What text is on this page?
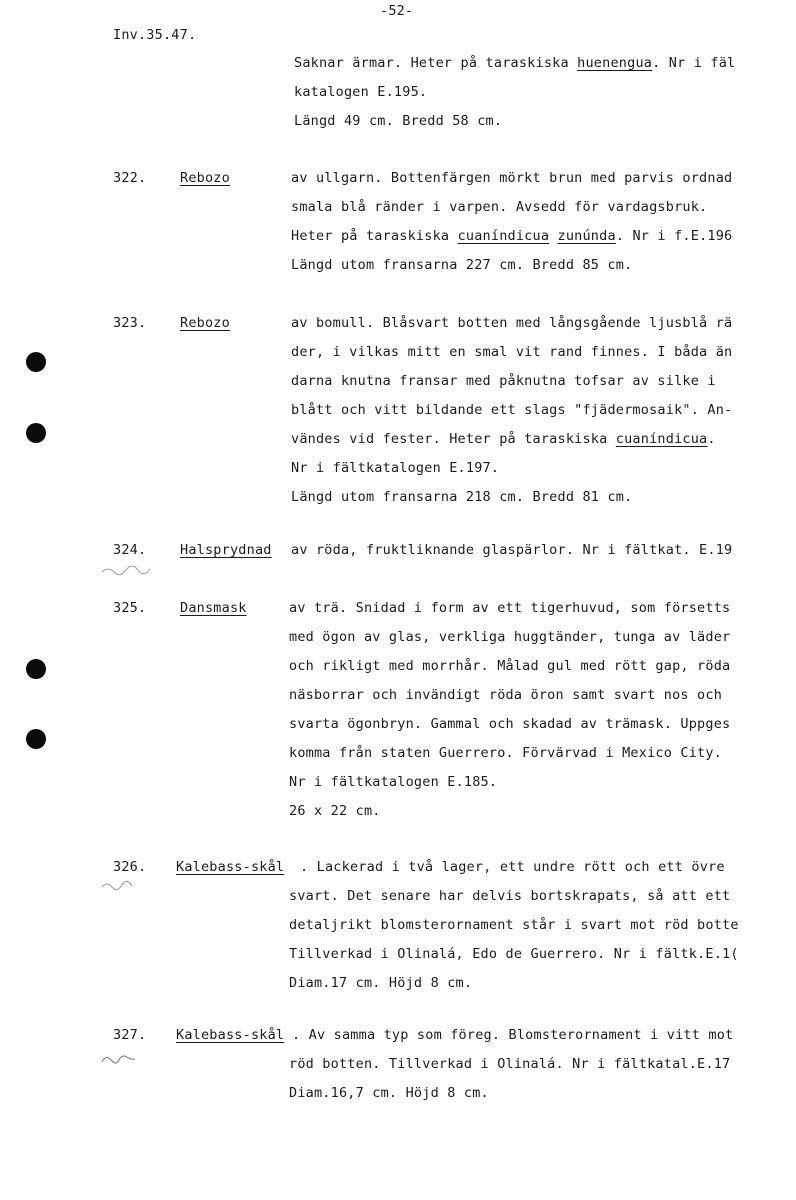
-52-
Inv.35.47.
Saknar ärmar. Heter på taraskiska huenengua. Nr i fäl
katalogen E.195.
Längd 49 cm. Bredd 58 cm.
322. Rebozo	av ullgarn. Bottenfärgen mörkt brun med parvis ordnad
smala blå ränder i varpen. Avsedd för vardagsbruk.
Heter på taraskiska cuaníndicua zunúnda. Nr i f.E.196
Längd utom fransarna 227 cm. Bredd 85 cm.
323. Rebozo	av bomull. Blåsvart botten med långsgående ljusblå rä
der, i vilkas mitt en smal vit rand finnes. I båda än
darna knutna fransar med påknutna tofsar av silke i
blått och vitt bildande ett slags "fjädermosaik". An-
vändes vid fester. Heter på taraskiska cuaníndicua.
Nr i fältkatalogen E.197.
Längd utom fransarna 218 cm. Bredd 81 cm.
324. Halsprydnad av röda, fruktliknande glaspärlor. Nr i fältkat. E.19
325. Dansmask	av trä. Snidad i form av ett tigerhuvud, som försetts
med ögon av glas, verkliga huggtänder, tunga av läder
och rikligt med morrhår. Målad gul med rött gap, röda
näsborrar och invändigt röda öron samt svart nos och
svarta ögonbryn. Gammal och skadad av trämask. Uppges
komma från staten Guerrero. Förvärvad i Mexico City.
Nr i fältkatalogen E.185.
26 x 22 cm.
326. Kalebass-skål . Lackerad i två lager, ett undre rött och ett övre
svart. Det senare har delvis bortskrapats, så att ett
detaljrikt blomsterornament står i svart mot röd botte
Tillverkad i Olinalá, Edo de Guerrero. Nr i fältk.E.1(
Diam.17 cm. Höjd 8 cm.
327. Kalebass-skål . Av samma typ som föreg. Blomsterornament i vitt mot
röd botten. Tillverkad i Olinalá. Nr i fältkatal.E.17
Diam.16,7 cm. Höjd 8 cm.
